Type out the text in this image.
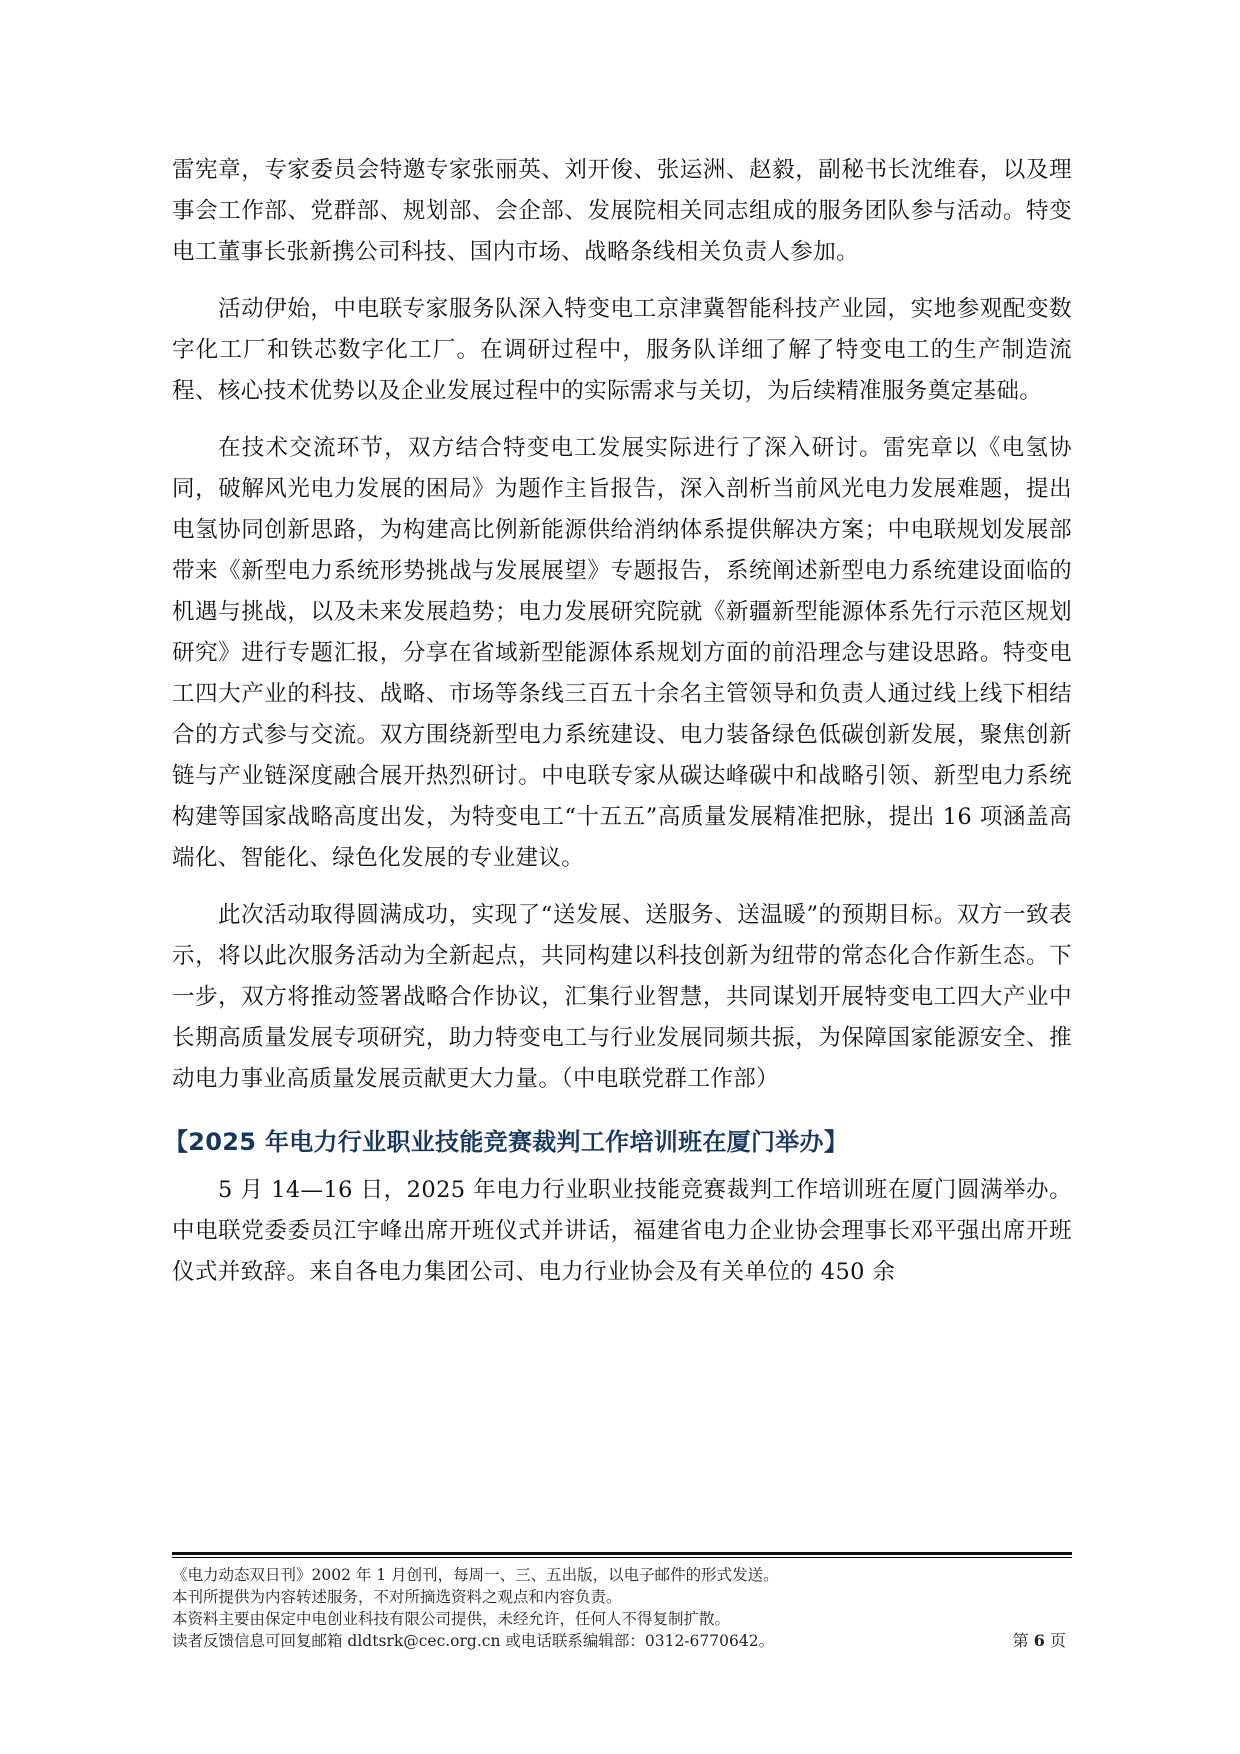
雷宪章，专家委员会特邀专家张丽英、刘开俊、张运洲、赵毅，副秘书长沈维春，以及理事会工作部、党群部、规划部、会企部、发展院相关同志组成的服务团队参与活动。特变电工董事长张新携公司科技、国内市场、战略条线相关负责人参加。

活动伊始，中电联专家服务队深入特变电工京津冀智能科技产业园，实地参观配变数字化工厂和铁芯数字化工厂。在调研过程中，服务队详细了解了特变电工的生产制造流程、核心技术优势以及企业发展过程中的实际需求与关切，为后续精准服务奠定基础。

在技术交流环节，双方结合特变电工发展实际进行了深入研讨。雷宪章以《电氢协同，破解风光电力发展的困局》为题作主旨报告，深入剖析当前风光电力发展难题，提出电氢协同创新思路，为构建高比例新能源供给消纳体系提供解决方案；中电联规划发展部带来《新型电力系统形势挑战与发展展望》专题报告，系统阐述新型电力系统建设面临的机遇与挑战，以及未来发展趋势；电力发展研究院就《新疆新型能源体系先行示范区规划研究》进行专题汇报，分享在省域新型能源体系规划方面的前沿理念与建设思路。特变电工四大产业的科技、战略、市场等条线三百五十余名主管领导和负责人通过线上线下相结合的方式参与交流。双方围绕新型电力系统建设、电力装备绿色低碳创新发展，聚焦创新链与产业链深度融合展开热烈研讨。中电联专家从碳达峰碳中和战略引领、新型电力系统构建等国家战略高度出发，为特变电工“十五五”高质量发展精准把脉，提出 16 项涵盖高端化、智能化、绿色化发展的专业建议。

此次活动取得圆满成功，实现了“送发展、送服务、送温暖”的预期目标。双方一致表示，将以此次服务活动为全新起点，共同构建以科技创新为纽带的常态化合作新生态。下一步，双方将推动签署战略合作协议，汇集行业智慧，共同谋划开展特变电工四大产业中长期高质量发展专项研究，助力特变电工与行业发展同频共振，为保障国家能源安全、推动电力事业高质量发展贡献更大力量。（中电联党群工作部）

【2025 年电力行业职业技能竞赛裁判工作培训班在厦门举办】

5 月 14—16 日，2025 年电力行业职业技能竞赛裁判工作培训班在厦门圆满举办。中电联党委委员江宇峰出席开班仪式并讲话，福建省电力企业协会理事长邓平强出席开班仪式并致辞。来自各电力集团公司、电力行业协会及有关单位的 450 余

《电力动态双日刊》2002 年 1 月创刊，每周一、三、五出版，以电子邮件的形式发送。
本刊所提供为内容转述服务，不对所摘选资料之观点和内容负责。
本资料主要由保定中电创业科技有限公司提供，未经允许，任何人不得复制扩散。
读者反馈信息可回复邮箱 dldtsrk@cec.org.cn 或电话联系编辑部：0312-6770642。	第 6 页
